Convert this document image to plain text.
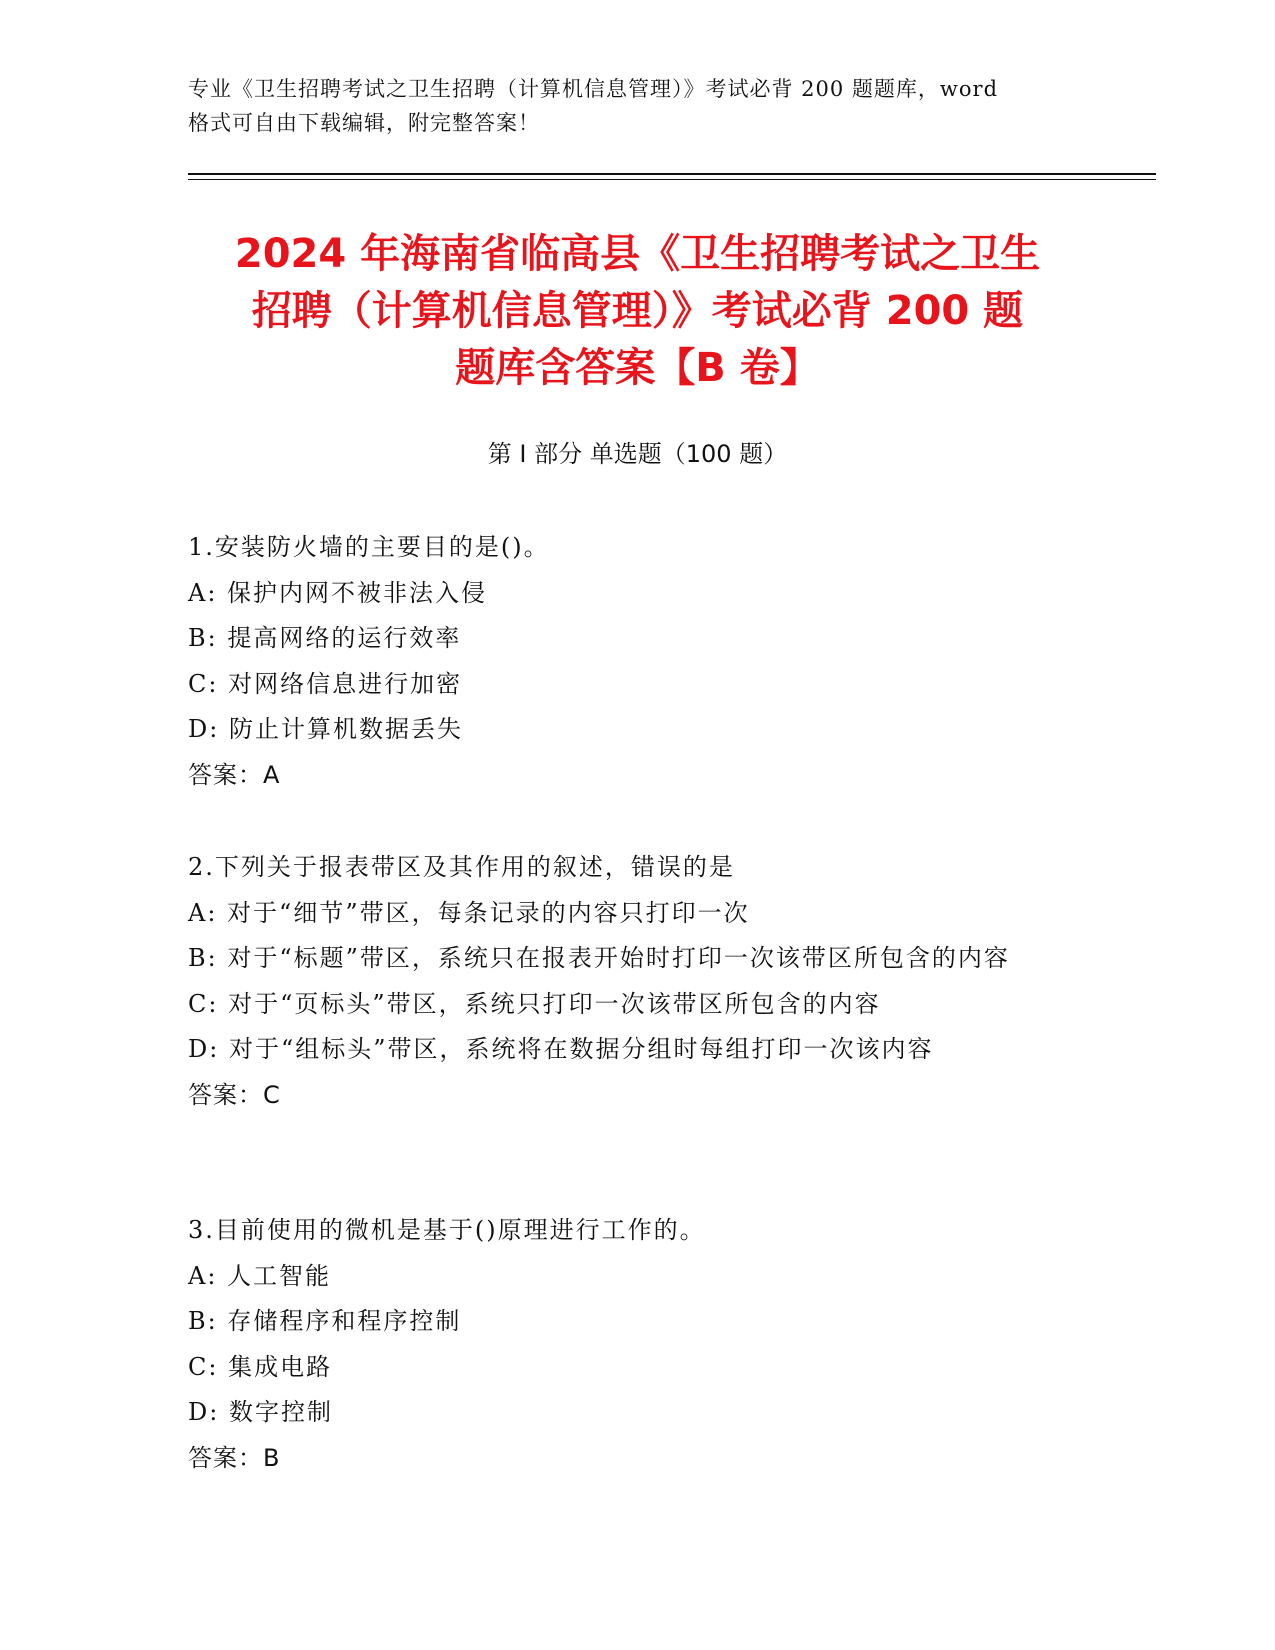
专业《卫生招聘考试之卫生招聘（计算机信息管理）》考试必背 200 题题库，word
格式可自由下载编辑，附完整答案！
2024 年海南省临高县《卫生招聘考试之卫生
招聘（计算机信息管理）》考试必背 200 题
题库含答案【B 卷】
第 I 部分 单选题（100 题）
1.安装防火墙的主要目的是()。
A: 保护内网不被非法入侵
B: 提高网络的运行效率
C: 对网络信息进行加密
D: 防止计算机数据丢失
答案：A
2.下列关于报表带区及其作用的叙述，错误的是
A: 对于“细节”带区，每条记录的内容只打印一次
B: 对于“标题”带区，系统只在报表开始时打印一次该带区所包含的内容
C: 对于“页标头”带区，系统只打印一次该带区所包含的内容
D: 对于“组标头”带区，系统将在数据分组时每组打印一次该内容
答案：C
3.目前使用的微机是基于()原理进行工作的。
A: 人工智能
B: 存储程序和程序控制
C: 集成电路
D: 数字控制
答案：B
